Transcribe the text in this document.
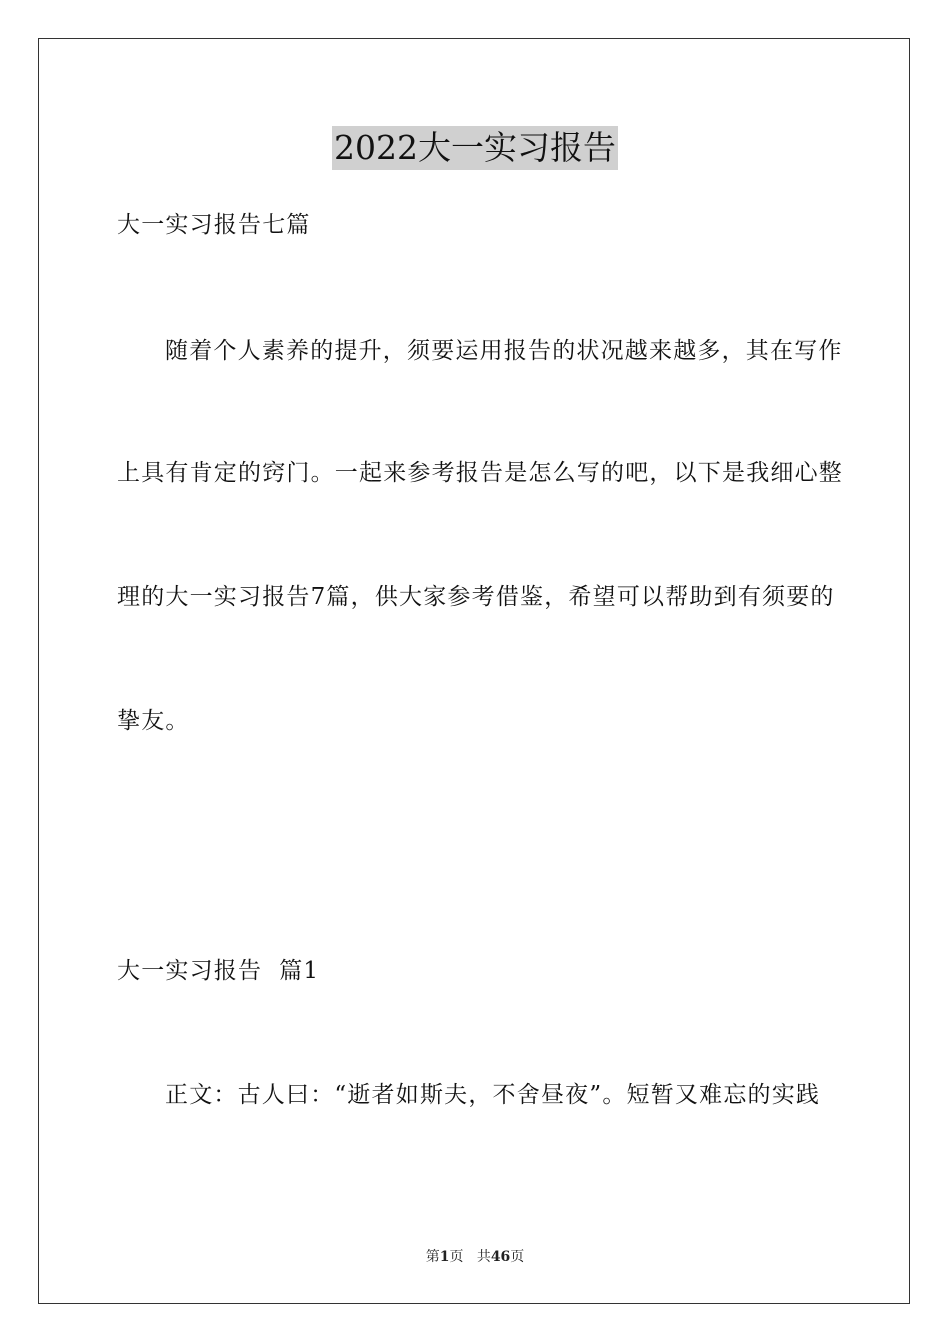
2022大一实习报告
大一实习报告七篇
随着个人素养的提升，须要运用报告的状况越来越多，其在写作
上具有肯定的窍门。一起来参考报告是怎么写的吧，以下是我细心整
理的大一实习报告7篇，供大家参考借鉴，希望可以帮助到有须要的
挚友。
大一实习报告  篇1
正文：古人曰：“逝者如斯夫，不舍昼夜”。短暂又难忘的实践
第1页 共46页
